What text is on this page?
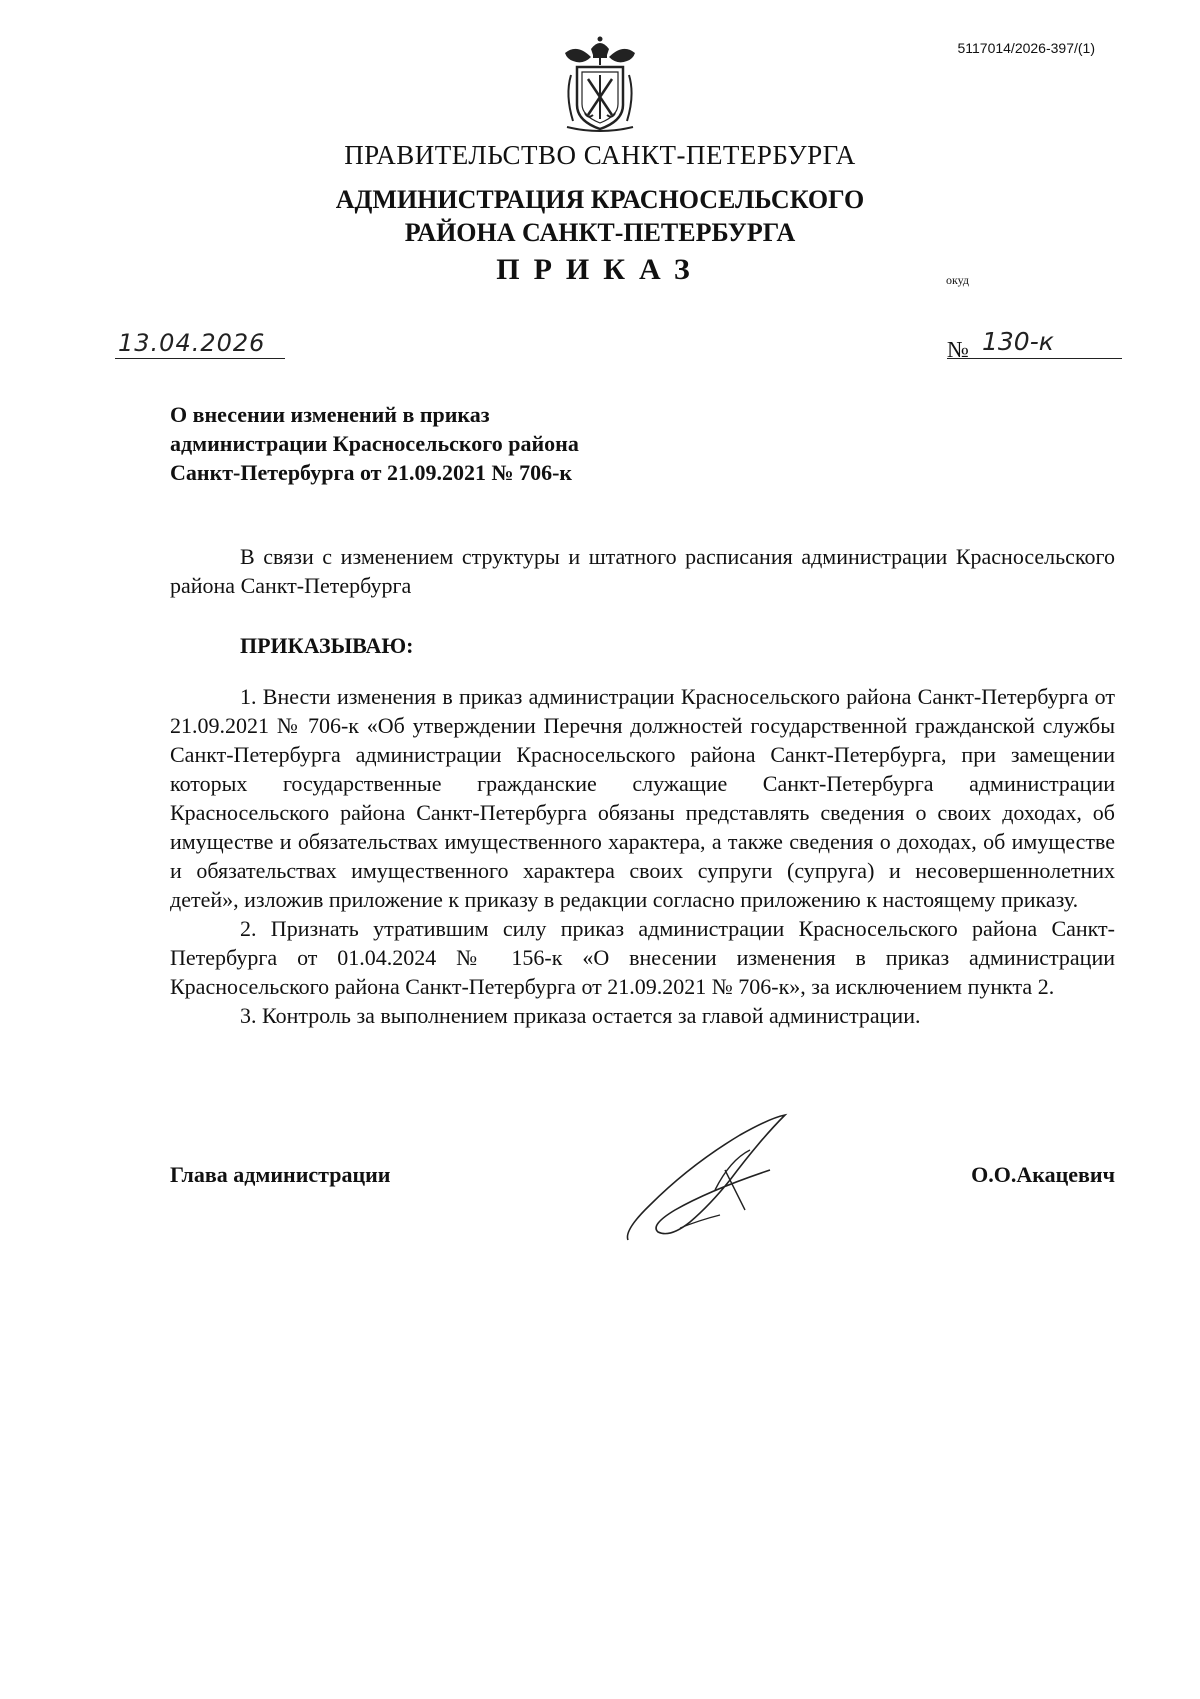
5117014/2026-397/(1)
ПРАВИТЕЛЬСТВО САНКТ-ПЕТЕРБУРГА
АДМИНИСТРАЦИЯ КРАСНОСЕЛЬСКОГО
РАЙОНА САНКТ-ПЕТЕРБУРГА
ПРИКАЗ	окуд
13.04.2026	№ 130-к
О внесении изменений в приказ
администрации Красносельского района
Санкт-Петербурга от 21.09.2021 № 706-к

В связи с изменением структуры и штатного расписания администрации Красносельского района Санкт-Петербурга

ПРИКАЗЫВАЮ:

1. Внести изменения в приказ администрации Красносельского района Санкт-Петербурга от 21.09.2021 № 706-к «Об утверждении Перечня должностей государственной гражданской службы Санкт-Петербурга администрации Красносельского района Санкт-Петербурга, при замещении которых государственные гражданские служащие Санкт-Петербурга администрации Красносельского района Санкт-Петербурга обязаны представлять сведения о своих доходах, об имуществе и обязательствах имущественного характера, а также сведения о доходах, об имуществе и обязательствах имущественного характера своих супруги (супруга) и несовершеннолетних детей», изложив приложение к приказу в редакции согласно приложению к настоящему приказу.

2. Признать утратившим силу приказ администрации Красносельского района Санкт-Петербурга от 01.04.2024 № 156-к «О внесении изменения в приказ администрации Красносельского района Санкт-Петербурга от 21.09.2021 № 706-к», за исключением пункта 2.

3. Контроль за выполнением приказа остается за главой администрации.

Глава администрации	О.О.Акацевич
